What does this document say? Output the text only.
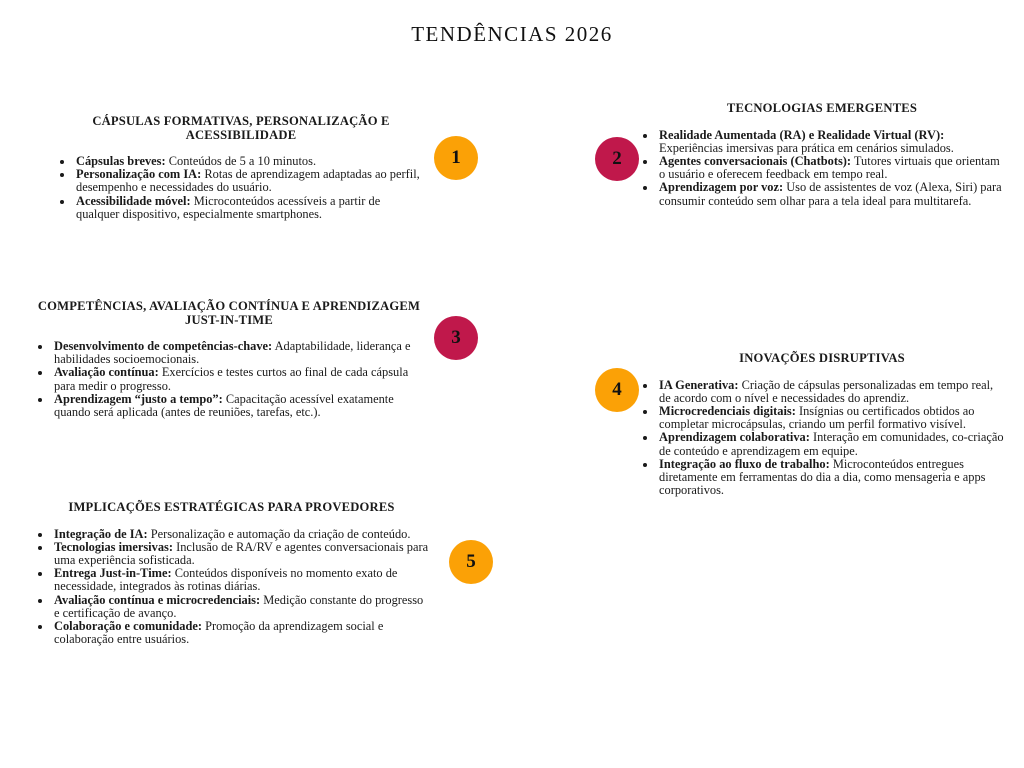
TENDÊNCIAS 2026
CÁPSULAS FORMATIVAS, PERSONALIZAÇÃO E ACESSIBILIDADE
Cápsulas breves: Conteúdos de 5 a 10 minutos.
Personalização com IA: Rotas de aprendizagem adaptadas ao perfil, desempenho e necessidades do usuário.
Acessibilidade móvel: Microconteúdos acessíveis a partir de qualquer dispositivo, especialmente smartphones.
TECNOLOGIAS EMERGENTES
Realidade Aumentada (RA) e Realidade Virtual (RV): Experiências imersivas para prática em cenários simulados.
Agentes conversacionais (Chatbots): Tutores virtuais que orientam o usuário e oferecem feedback em tempo real.
Aprendizagem por voz: Uso de assistentes de voz (Alexa, Siri) para consumir conteúdo sem olhar para a tela ideal para multitarefa.
COMPETÊNCIAS, AVALIAÇÃO CONTÍNUA E APRENDIZAGEM JUST-IN-TIME
Desenvolvimento de competências-chave: Adaptabilidade, liderança e habilidades socioemocionais.
Avaliação contínua: Exercícios e testes curtos ao final de cada cápsula para medir o progresso.
Aprendizagem “justo a tempo”: Capacitação acessível exatamente quando será aplicada (antes de reuniões, tarefas, etc.).
INOVAÇÕES DISRUPTIVAS
IA Generativa: Criação de cápsulas personalizadas em tempo real, de acordo com o nível e necessidades do aprendiz.
Microcredenciais digitais: Insígnias ou certificados obtidos ao completar microcápsulas, criando um perfil formativo visível.
Aprendizagem colaborativa: Interação em comunidades, co-criação de conteúdo e aprendizagem em equipe.
Integração ao fluxo de trabalho: Microconteúdos entregues diretamente em ferramentas do dia a dia, como mensageria e apps corporativos.
IMPLICAÇÕES ESTRATÉGICAS PARA PROVEDORES
Integração de IA: Personalização e automação da criação de conteúdo.
Tecnologias imersivas: Inclusão de RA/RV e agentes conversacionais para uma experiência sofisticada.
Entrega Just-in-Time: Conteúdos disponíveis no momento exato de necessidade, integrados às rotinas diárias.
Avaliação contínua e microcredenciais: Medição constante do progresso e certificação de avanço.
Colaboração e comunidade: Promoção da aprendizagem social e colaboração entre usuários.
1	2
3
4
5
